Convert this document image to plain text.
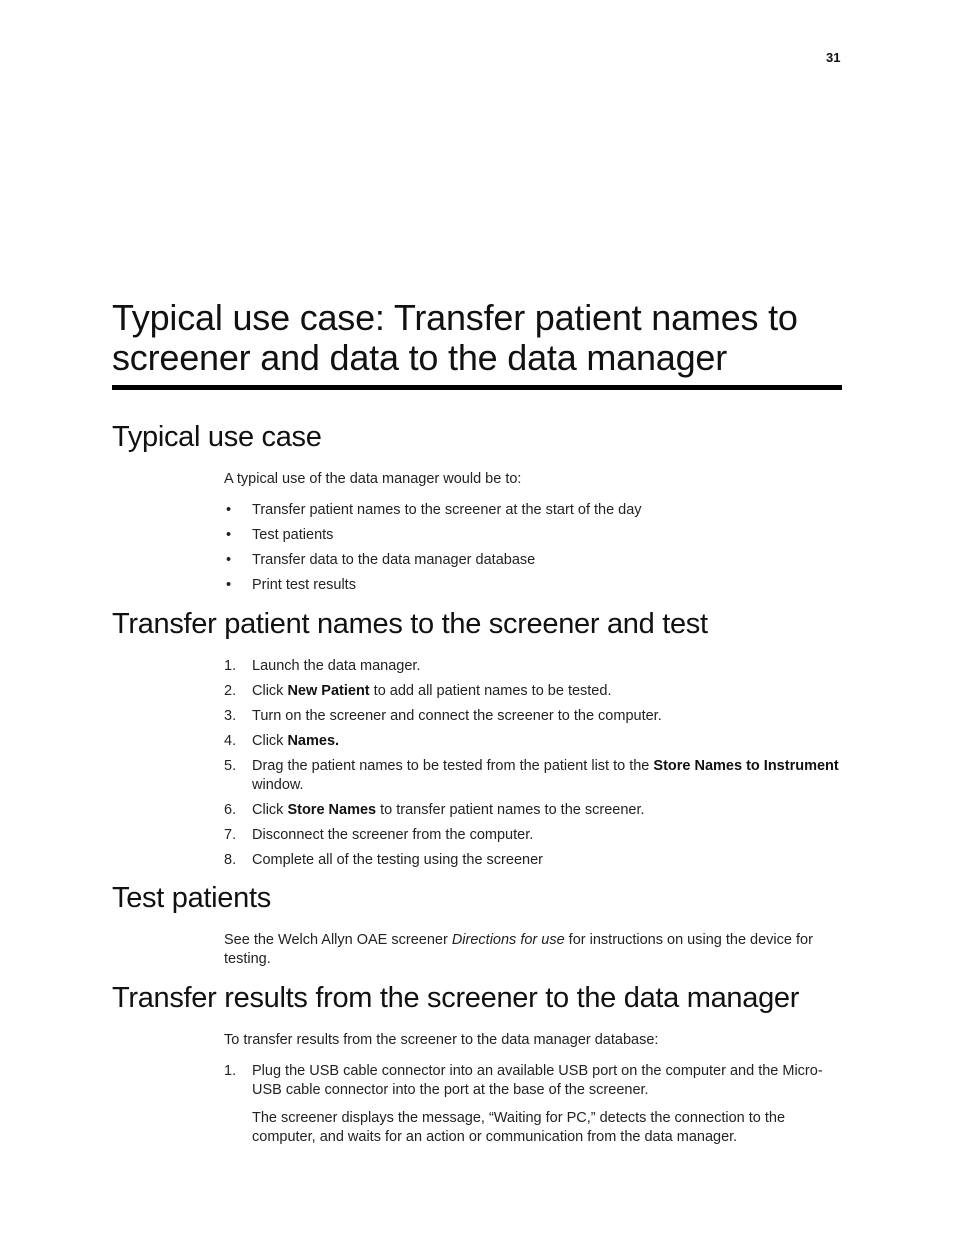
31
Typical use case: Transfer patient names to
screener and data to the data manager
Typical use case

A typical use of the data manager would be to:

• Transfer patient names to the screener at the start of the day
• Test patients
• Transfer data to the data manager database
• Print test results
Transfer patient names to the screener and test
1. Launch the data manager.
2. Click New Patient to add all patient names to be tested.
3. Turn on the screener and connect the screener to the computer.
4. Click Names.
5. Drag the patient names to be tested from the patient list to the Store Names to Instrument window.
6. Click Store Names to transfer patient names to the screener.
7. Disconnect the screener from the computer.
8. Complete all of the testing using the screener
Test patients

See the Welch Allyn OAE screener Directions for use for instructions on using the device for testing.

Transfer results from the screener to the data manager

To transfer results from the screener to the data manager database:

1. Plug the USB cable connector into an available USB port on the computer and the Micro-USB cable connector into the port at the base of the screener.
The screener displays the message, “Waiting for PC,” detects the connection to the computer, and waits for an action or communication from the data manager.
